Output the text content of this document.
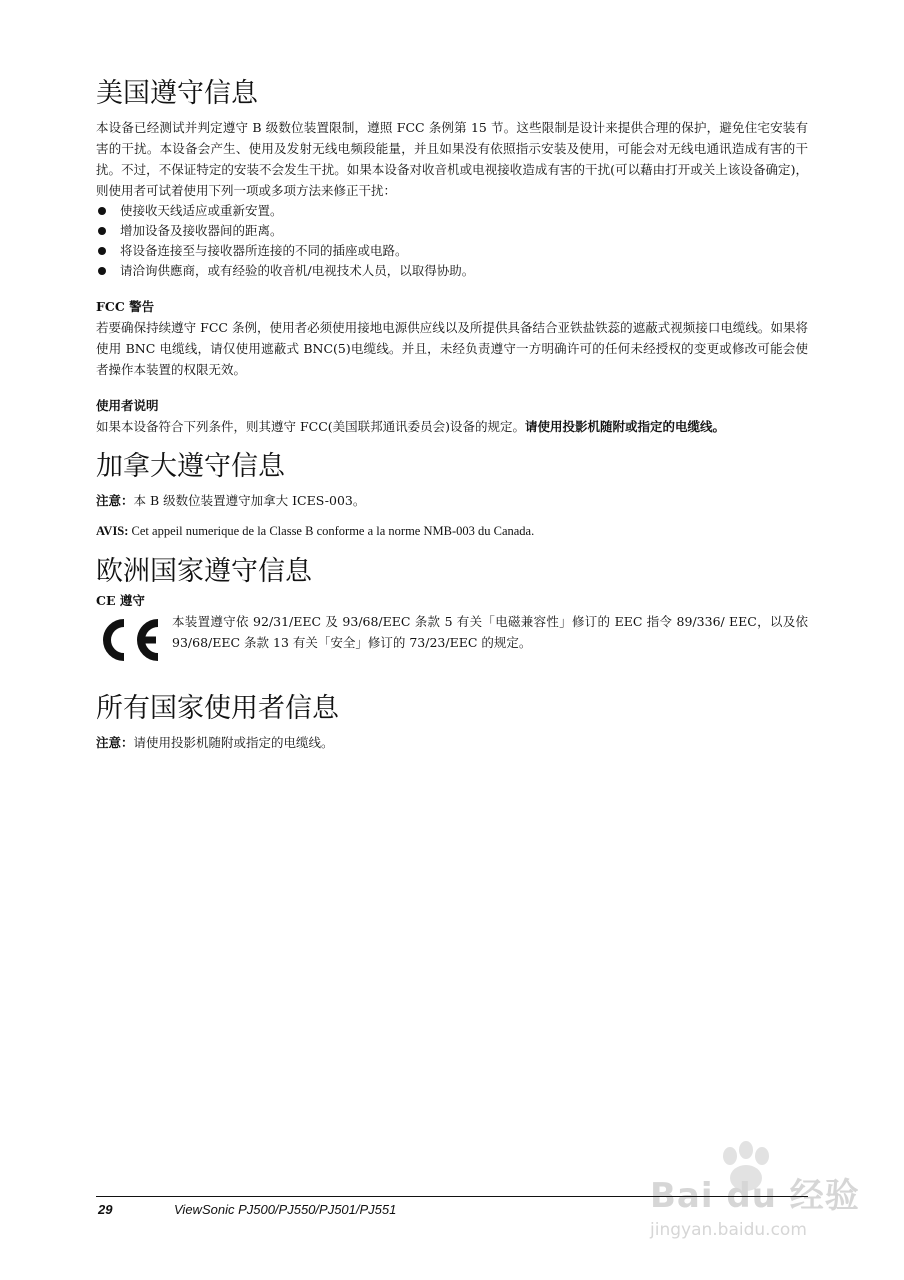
美国遵守信息

本设备已经测试并判定遵守 B 级数位装置限制，遵照 FCC 条例第 15 节。这些限制是设计来提供合理的保护，避免住宅安装有害的干扰。本设备会产生、使用及发射无线电频段能量，并且如果没有依照指示安装及使用，可能会对无线电通讯造成有害的干扰。不过，不保证特定的安装不会发生干扰。如果本设备对收音机或电视接收造成有害的干扰(可以藉由打开或关上该设备确定)，则使用者可试着使用下列一项或多项方法来修正干扰：

使接收天线适应或重新安置。
增加设备及接收器间的距离。
将设备连接至与接收器所连接的不同的插座或电路。
请洽询供應商，或有经验的收音机/电视技术人员，以取得协助。
FCC 警告

若要确保持续遵守 FCC 条例，使用者必须使用接地电源供应线以及所提供具备结合亚铁盐铁蕊的遮蔽式视频接口电缆线。如果将使用 BNC 电缆线，请仅使用遮蔽式 BNC(5)电缆线。并且，未经负责遵守一方明确许可的任何未经授权的变更或修改可能会使者操作本装置的权限无效。

使用者说明

如果本设备符合下列条件，则其遵守 FCC(美国联邦通讯委员会)设备的规定。请使用投影机随附或指定的电缆线。

加拿大遵守信息

注意：本 B 级数位装置遵守加拿大 ICES-003。

AVIS: Cet appeil numerique de la Classe B conforme a la norme NMB-003 du Canada.

欧洲国家遵守信息
CE 遵守

本装置遵守依 92/31/EEC 及 93/68/EEC 条款 5 有关「电磁兼容性」修订的 EEC 指令 89/336/ EEC，以及依 93/68/EEC 条款 13 有关「安全」修订的 73/23/EEC 的规定。

所有国家使用者信息

注意：请使用投影机随附或指定的电缆线。

Bai du 经验
jingyan.baidu.com
29	ViewSonic PJ500/PJ550/PJ501/PJ551
